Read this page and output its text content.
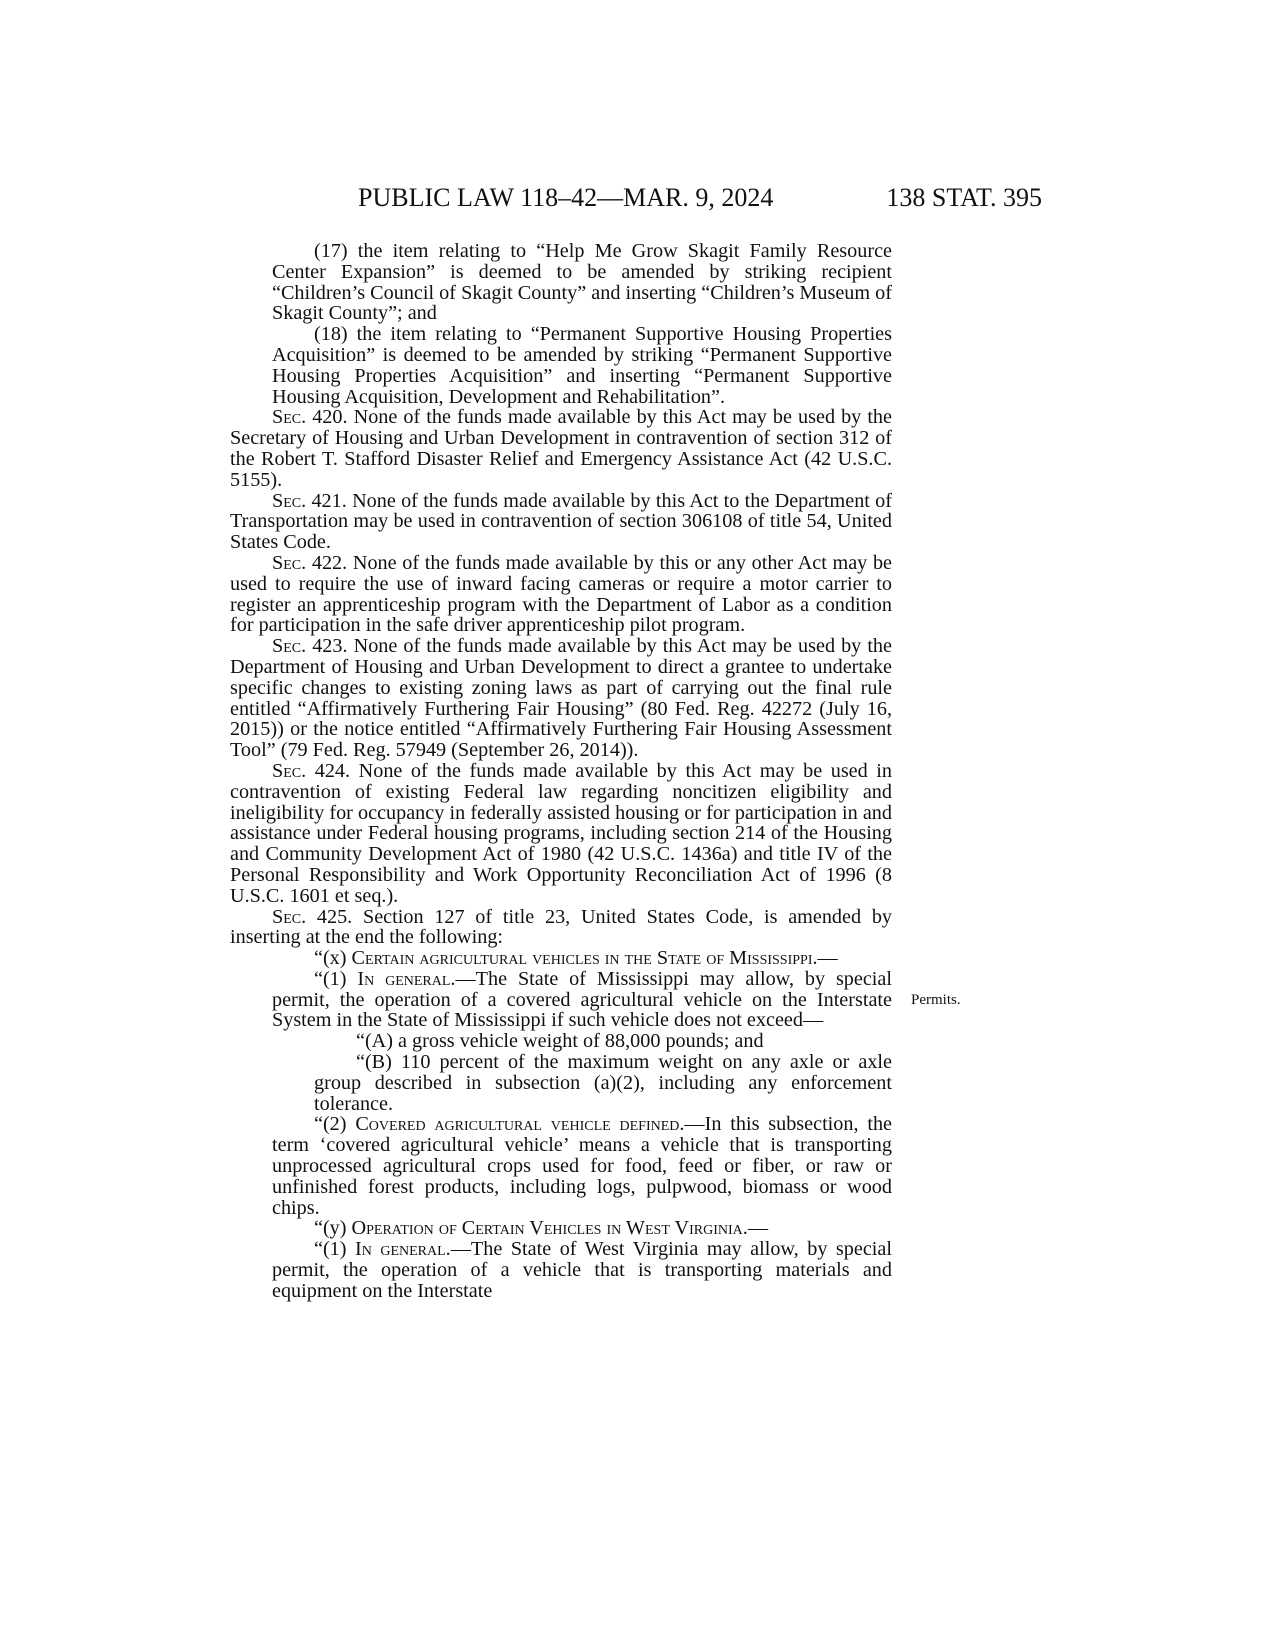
PUBLIC LAW 118–42—MAR. 9, 2024	138 STAT. 395

(17) the item relating to “Help Me Grow Skagit Family Resource Center Expansion” is deemed to be amended by striking recipient “Children’s Council of Skagit County” and inserting “Children’s Museum of Skagit County”; and

(18) the item relating to “Permanent Supportive Housing Properties Acquisition” is deemed to be amended by striking “Permanent Supportive Housing Properties Acquisition” and inserting “Permanent Supportive Housing Acquisition, Development and Rehabilitation”.

Sec. 420. None of the funds made available by this Act may be used by the Secretary of Housing and Urban Development in contravention of section 312 of the Robert T. Stafford Disaster Relief and Emergency Assistance Act (42 U.S.C. 5155).

Sec. 421. None of the funds made available by this Act to the Department of Transportation may be used in contravention of section 306108 of title 54, United States Code.

Sec. 422. None of the funds made available by this or any other Act may be used to require the use of inward facing cameras or require a motor carrier to register an apprenticeship program with the Department of Labor as a condition for participation in the safe driver apprenticeship pilot program.

Sec. 423. None of the funds made available by this Act may be used by the Department of Housing and Urban Development to direct a grantee to undertake specific changes to existing zoning laws as part of carrying out the final rule entitled “Affirmatively Furthering Fair Housing” (80 Fed. Reg. 42272 (July 16, 2015)) or the notice entitled “Affirmatively Furthering Fair Housing Assessment Tool” (79 Fed. Reg. 57949 (September 26, 2014)).

Sec. 424. None of the funds made available by this Act may be used in contravention of existing Federal law regarding noncitizen eligibility and ineligibility for occupancy in federally assisted housing or for participation in and assistance under Federal housing programs, including section 214 of the Housing and Community Development Act of 1980 (42 U.S.C. 1436a) and title IV of the Personal Responsibility and Work Opportunity Reconciliation Act of 1996 (8 U.S.C. 1601 et seq.).

Sec. 425. Section 127 of title 23, United States Code, is amended by inserting at the end the following:

“(x) Certain agricultural vehicles in the State of Mississippi.—

“(1) In general.—The State of Mississippi may allow, by special permit, the operation of a covered agricultural vehicle on the Interstate System in the State of Mississippi if such vehicle does not exceed—

“(A) a gross vehicle weight of 88,000 pounds; and

“(B) 110 percent of the maximum weight on any axle or axle group described in subsection (a)(2), including any enforcement tolerance.

“(2) Covered agricultural vehicle defined.—In this subsection, the term ‘covered agricultural vehicle’ means a vehicle that is transporting unprocessed agricultural crops used for food, feed or fiber, or raw or unfinished forest products, including logs, pulpwood, biomass or wood chips.

“(y) Operation of Certain Vehicles in West Virginia.—

“(1) In general.—The State of West Virginia may allow, by special permit, the operation of a vehicle that is transporting materials and equipment on the Interstate

Permits.
